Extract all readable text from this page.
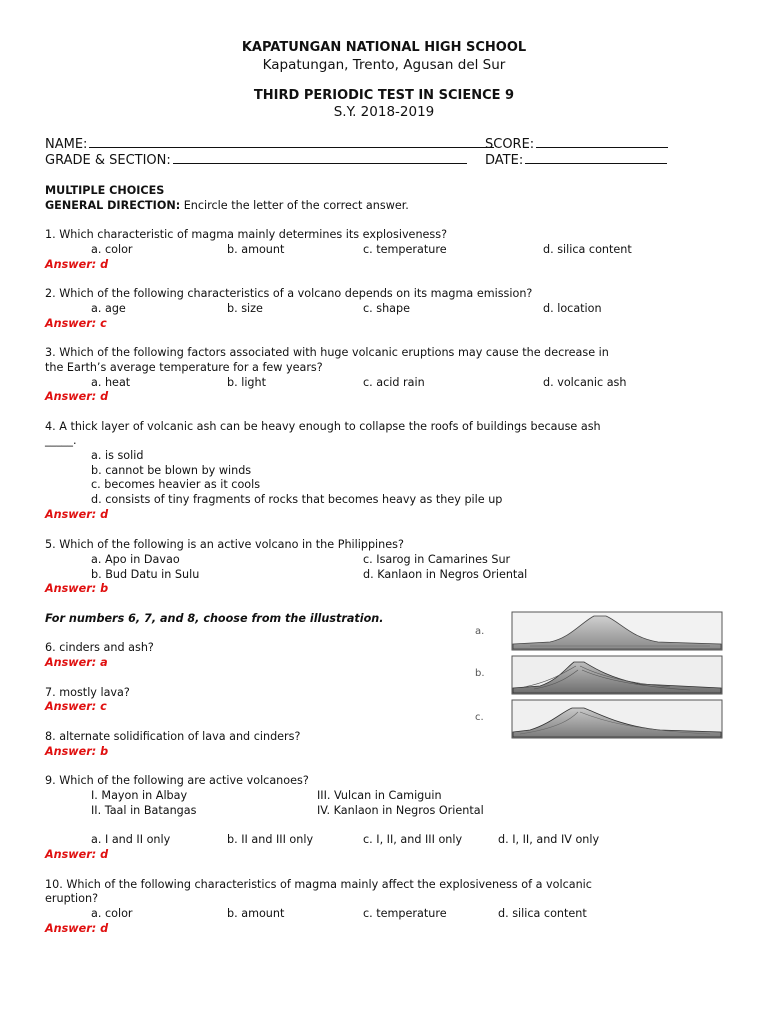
KAPATUNGAN NATIONAL HIGH SCHOOL
Kapatungan, Trento, Agusan del Sur
THIRD PERIODIC TEST IN SCIENCE 9
S.Y. 2018-2019
NAME:	SCORE:
GRADE & SECTION:	DATE:
MULTIPLE CHOICES
GENERAL DIRECTION: Encircle the letter of the correct answer.
1. Which characteristic of magma mainly determines its explosiveness?
a. color	b. amount	c. temperature	d. silica content
Answer: d
2. Which of the following characteristics of a volcano depends on its magma emission?
a. age	b. size	c. shape	d. location
Answer: c
3. Which of the following factors associated with huge volcanic eruptions may cause the decrease in
the Earth’s average temperature for a few years?
a. heat	b. light	c. acid rain	d. volcanic ash
Answer: d
4. A thick layer of volcanic ash can be heavy enough to collapse the roofs of buildings because ash
_____.
a. is solid
b. cannot be blown by winds
c. becomes heavier as it cools
d. consists of tiny fragments of rocks that becomes heavy as they pile up
Answer: d
5. Which of the following is an active volcano in the Philippines?
a. Apo in Davao	c. Isarog in Camarines Sur
b. Bud Datu in Sulu	d. Kanlaon in Negros Oriental
Answer: b
For numbers 6, 7, and 8, choose from the illustration.
6. cinders and ash?
Answer: a
7. mostly lava?
Answer: c
8. alternate solidification of lava and cinders?
Answer: b
a.
b.
c.
9. Which of the following are active volcanoes?
I. Mayon in Albay	III. Vulcan in Camiguin
II. Taal in Batangas	IV. Kanlaon in Negros Oriental
a. I and II only	b. II and III only	c. I, II, and III only	d. I, II, and IV only
Answer: d
10. Which of the following characteristics of magma mainly affect the explosiveness of a volcanic
eruption?
a. color	b. amount	c. temperature	d. silica content
Answer: d
